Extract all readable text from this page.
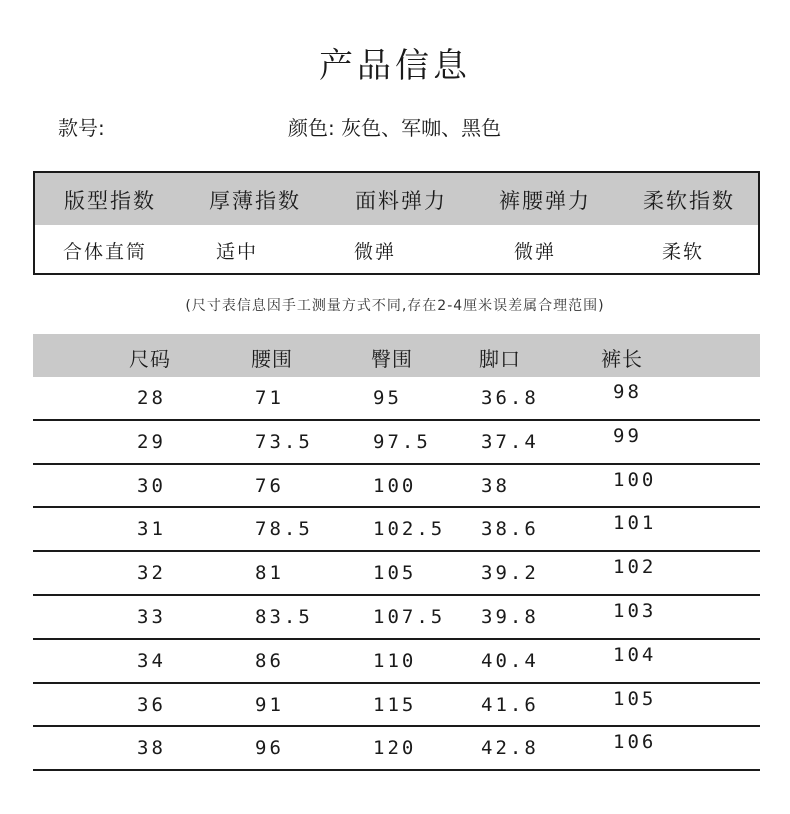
产品信息
款号:	颜色: 灰色、军咖、黑色
版型指数	厚薄指数	面料弹力 裤腰弹力 柔软指数
合体直筒	适中	微弹	微弹	柔软
(尺寸表信息因手工测量方式不同,存在2-4厘米误差属合理范围)
尺码	腰围	臀围	脚口	裤长
28	71	95	36.8	98
29	73.5	97.5	37.4	99
30	76	100	38	100
31	78.5	102.5 38.6	101
32	81	105	39.2	102
33	83.5	107.5 39.8	103
34	86	110	40.4	104
36	91	115	41.6	105
38	96	120	42.8	106
